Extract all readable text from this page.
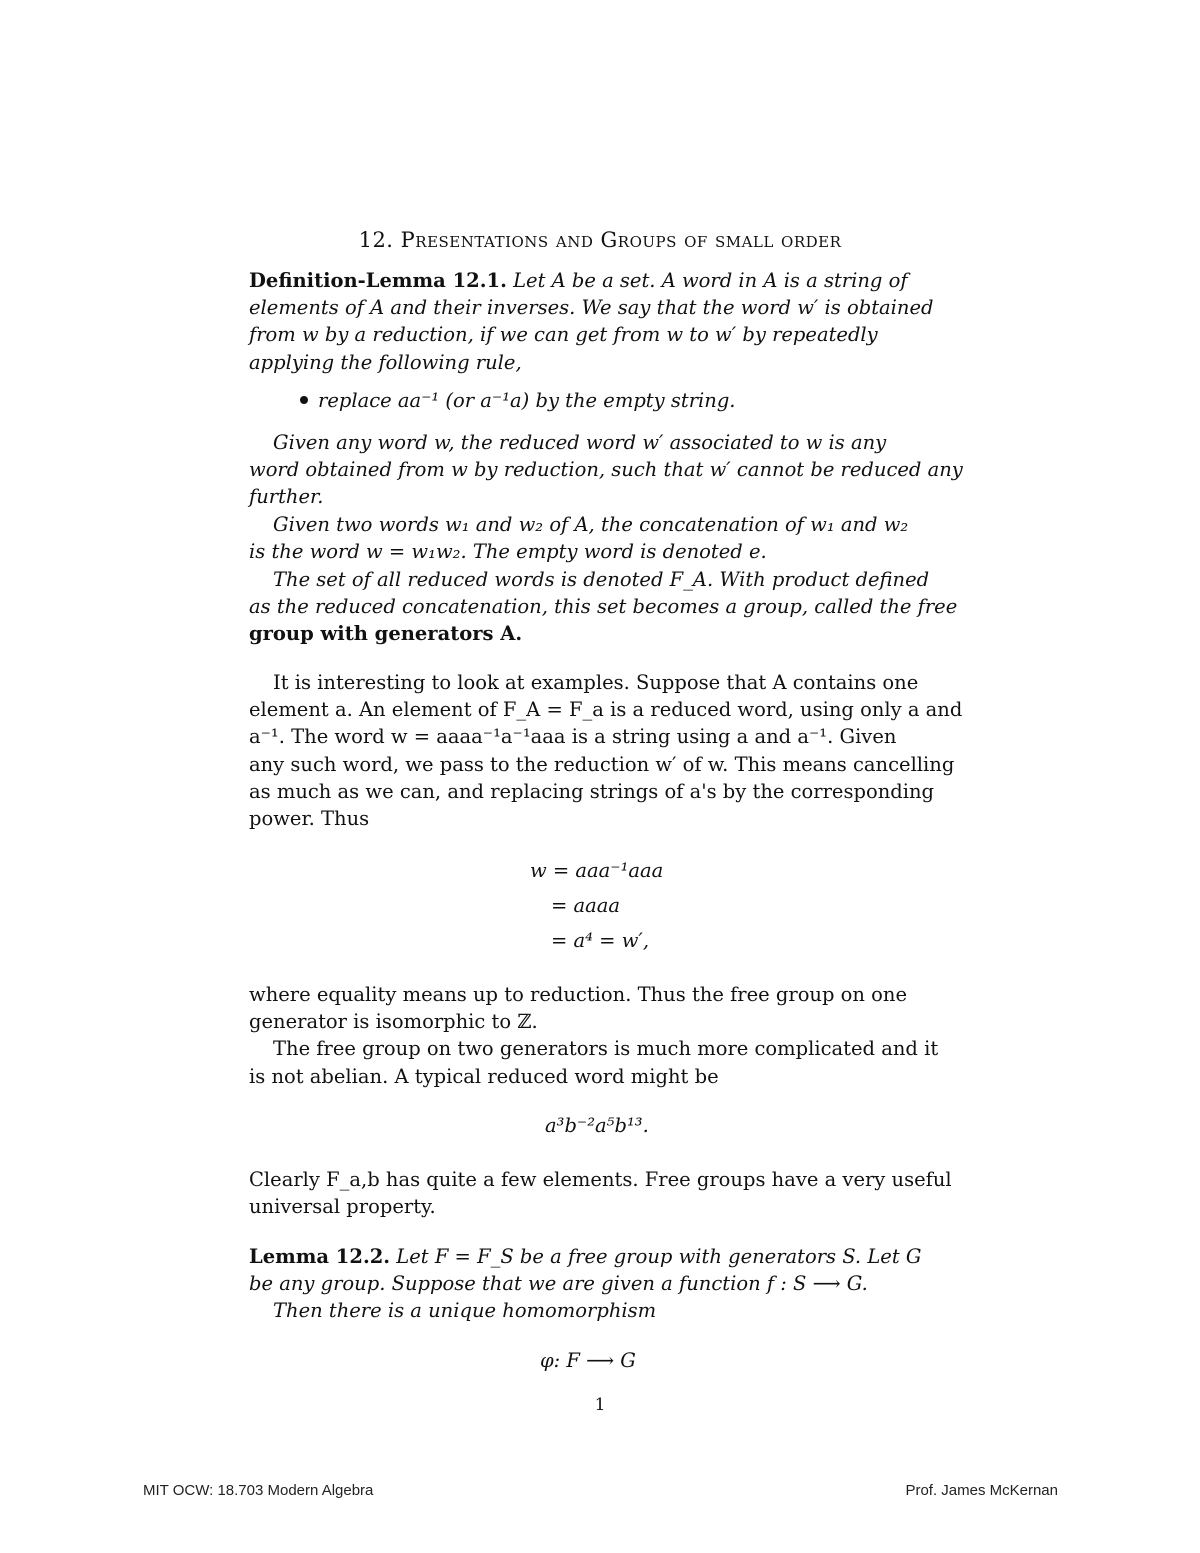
12. Presentations and Groups of small order
Definition-Lemma 12.1. Let A be a set. A word in A is a string of
elements of A and their inverses. We say that the word w′ is obtained
from w by a reduction, if we can get from w to w′ by repeatedly
applying the following rule,
replace aa⁻¹ (or a⁻¹a) by the empty string.
Given any word w, the reduced word w′ associated to w is any
word obtained from w by reduction, such that w′ cannot be reduced any
further.
Given two words w₁ and w₂ of A, the concatenation of w₁ and w₂
is the word w = w₁w₂. The empty word is denoted e.
The set of all reduced words is denoted F_A. With product defined
as the reduced concatenation, this set becomes a group, called the free
group with generators A.
It is interesting to look at examples. Suppose that A contains one
element a. An element of F_A = F_a is a reduced word, using only a and
a⁻¹. The word w = aaaa⁻¹a⁻¹aaa is a string using a and a⁻¹. Given
any such word, we pass to the reduction w′ of w. This means cancelling
as much as we can, and replacing strings of a's by the corresponding
power. Thus
w = aaa⁻¹aaa
= aaaa
= a⁴ = w′,
where equality means up to reduction. Thus the free group on one
generator is isomorphic to ℤ.
The free group on two generators is much more complicated and it
is not abelian. A typical reduced word might be
a³b⁻²a⁵b¹³.
Clearly F_a,b has quite a few elements. Free groups have a very useful
universal property.
Lemma 12.2. Let F = F_S be a free group with generators S. Let G
be any group. Suppose that we are given a function f : S ⟶ G.
Then there is a unique homomorphism
φ: F ⟶ G
1
MIT OCW: 18.703 Modern Algebra	Prof. James McKernan
